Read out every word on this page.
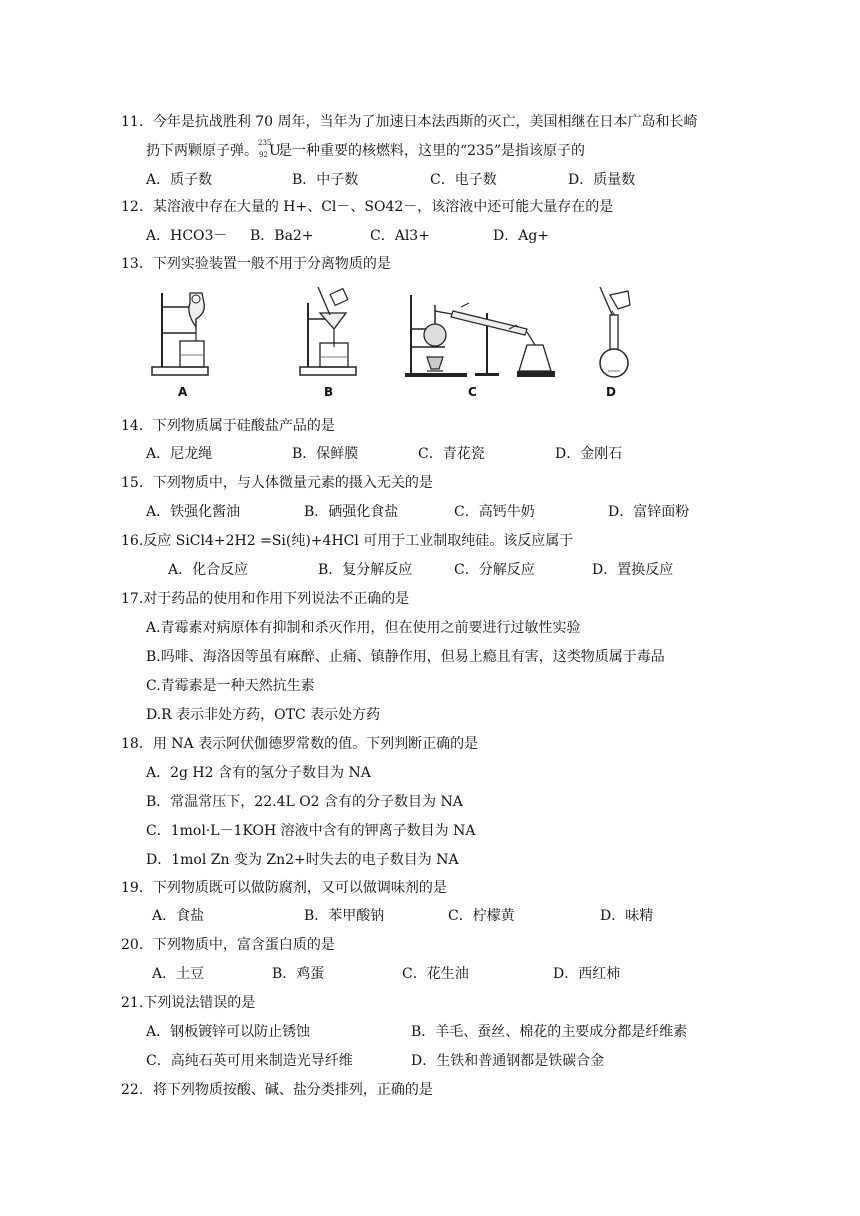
11．今年是抗战胜利 70 周年，当年为了加速日本法西斯的灭亡，美国相继在日本广岛和长崎
扔下两颗原子弹。 235
92 U
是一种重要的核燃料，这里的“235”是指该原子的
A．质子数	B．中子数	C．电子数	D．质量数
12．某溶液中存在大量的 H+、Cl－、SO42－，该溶液中还可能大量存在的是
A．HCO3－ B．Ba2+	C．Al3+	D．Ag+
13．下列实验装置一般不用于分离物质的是
A	B	C	D
14．下列物质属于硅酸盐产品的是
A．尼龙绳	B．保鲜膜	C．青花瓷	D．金刚石
15．下列物质中，与人体微量元素的摄入无关的是
A．铁强化酱油	B．硒强化食盐	C．高钙牛奶	D．富锌面粉
16.反应 SiCl4+2H2 =Si(纯)+4HCl 可用于工业制取纯硅。该反应属于
A．化合反应	B．复分解反应	C．分解反应	D．置换反应
17.对于药品的使用和作用下列说法不正确的是
A.青霉素对病原体有抑制和杀灭作用，但在使用之前要进行过敏性实验
B.吗啡、海洛因等虽有麻醉、止痛、镇静作用，但易上瘾且有害，这类物质属于毒品
C.青霉素是一种天然抗生素
D.R 表示非处方药，OTC 表示处方药
18．用 NA 表示阿伏伽德罗常数的值。下列判断正确的是
A．2g H2 含有的氢分子数目为 NA
B．常温常压下，22.4L O2 含有的分子数目为 NA
C．1mol·L－1KOH 溶液中含有的钾离子数目为 NA
D．1mol Zn 变为 Zn2+时失去的电子数目为 NA
19．下列物质既可以做防腐剂，又可以做调味剂的是
A．食盐	B．苯甲酸钠	C．柠檬黄	D．味精
20．下列物质中，富含蛋白质的是
A．土豆	B．鸡蛋	C．花生油	D．西红柿
21.下列说法错误的是
A．钢板镀锌可以防止锈蚀	B．羊毛、蚕丝、棉花的主要成分都是纤维素
C．高纯石英可用来制造光导纤维	D．生铁和普通钢都是铁碳合金
22．将下列物质按酸、碱、盐分类排列，正确的是
